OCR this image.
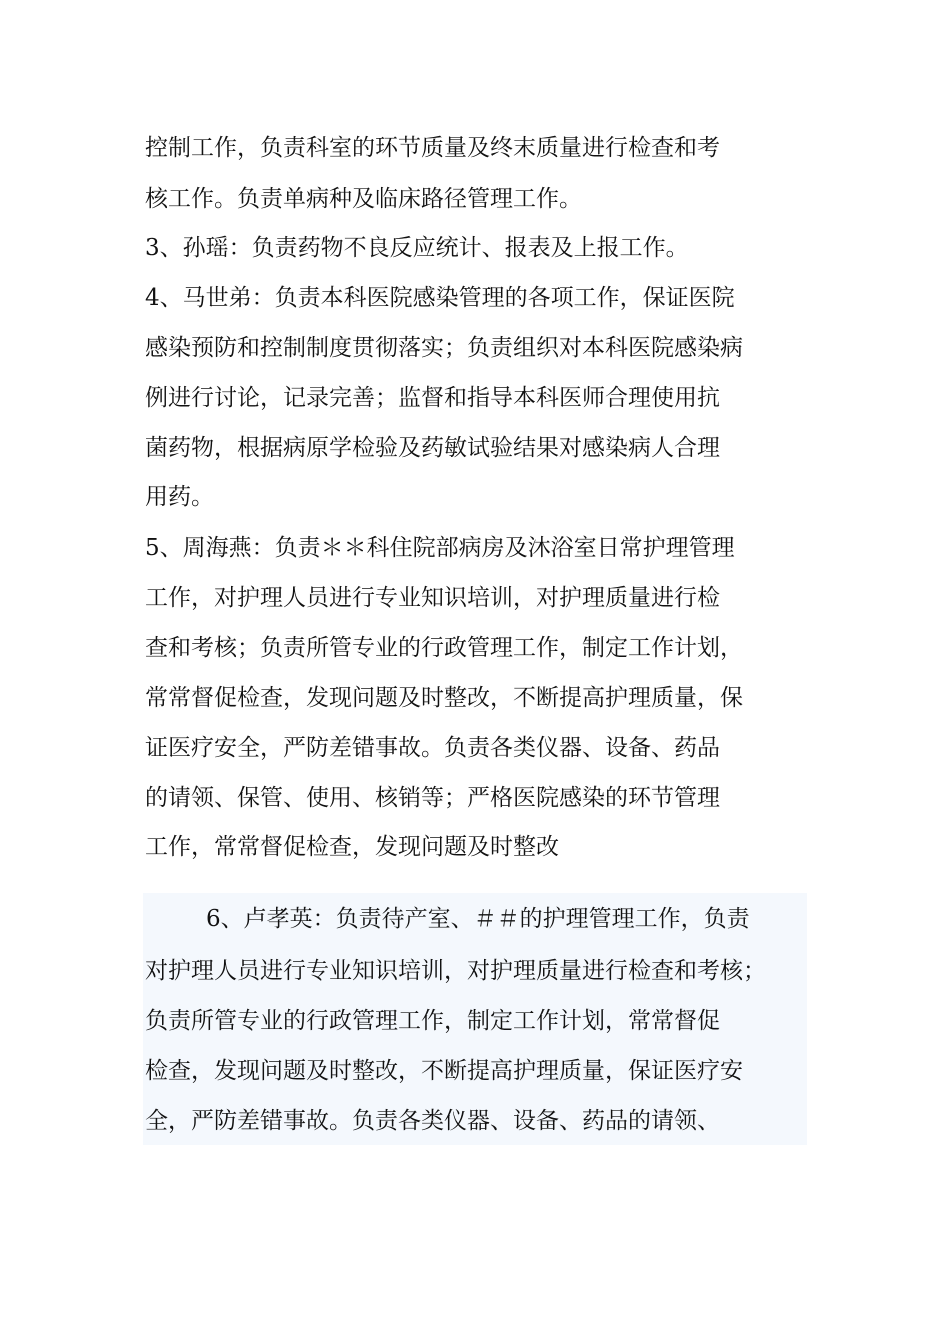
控制工作，负责科室的环节质量及终末质量进行检查和考
核工作。负责单病种及临床路径管理工作。
3、孙瑶：负责药物不良反应统计、报表及上报工作。
4、马世弟：负责本科医院感染管理的各项工作，保证医院
感染预防和控制制度贯彻落实；负责组织对本科医院感染病
例进行讨论，记录完善；监督和指导本科医师合理使用抗
菌药物，根据病原学检验及药敏试验结果对感染病人合理
用药。
5、周海燕：负责＊＊科住院部病房及沐浴室日常护理管理
工作，对护理人员进行专业知识培训，对护理质量进行检
查和考核；负责所管专业的行政管理工作，制定工作计划，
常常督促检查，发现问题及时整改，不断提高护理质量，保
证医疗安全，严防差错事故。负责各类仪器、设备、药品
的请领、保管、使用、核销等；严格医院感染的环节管理
工作，常常督促检查，发现问题及时整改
6、卢孝英：负责待产室、＃＃的护理管理工作，负责
对护理人员进行专业知识培训，对护理质量进行检查和考核；
负责所管专业的行政管理工作，制定工作计划，常常督促
检查，发现问题及时整改，不断提高护理质量，保证医疗安
全，严防差错事故。负责各类仪器、设备、药品的请领、
